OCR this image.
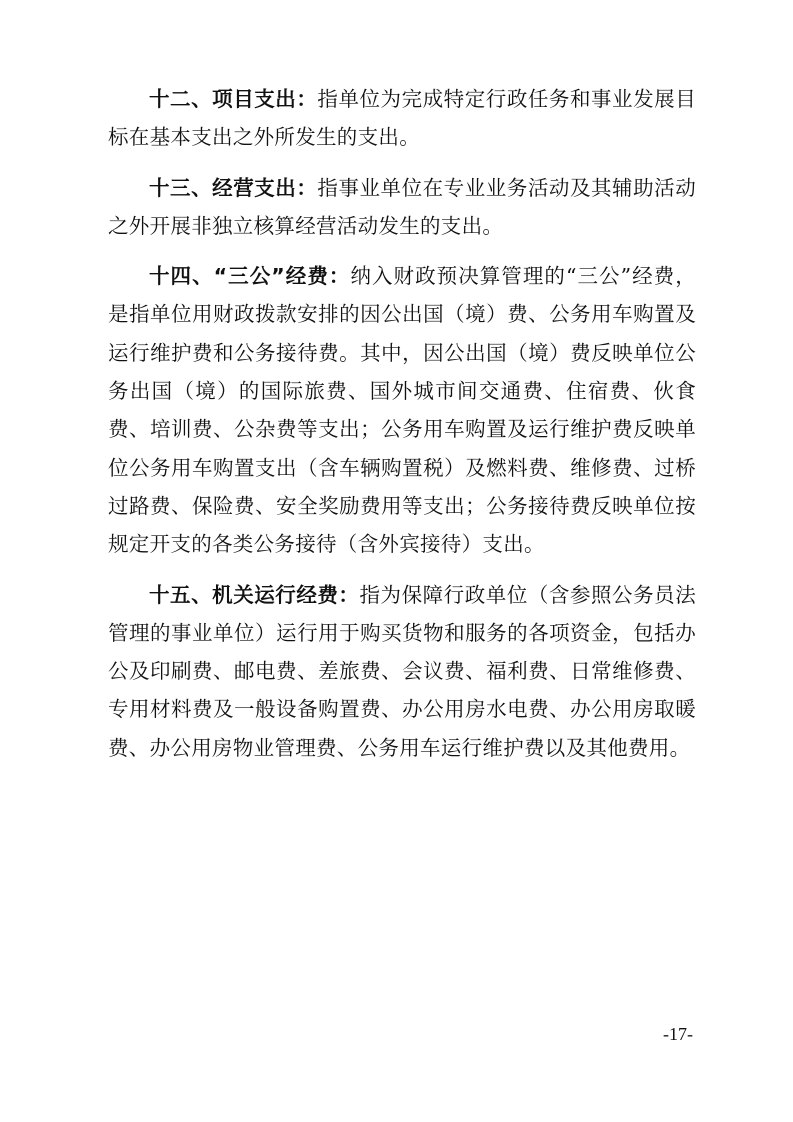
十二、项目支出：指单位为完成特定行政任务和事业发展目标在基本支出之外所发生的支出。

十三、经营支出：指事业单位在专业业务活动及其辅助活动之外开展非独立核算经营活动发生的支出。

十四、“三公”经费：纳入财政预决算管理的“三公”经费，是指单位用财政拨款安排的因公出国（境）费、公务用车购置及运行维护费和公务接待费。其中，因公出国（境）费反映单位公务出国（境）的国际旅费、国外城市间交通费、住宿费、伙食费、培训费、公杂费等支出；公务用车购置及运行维护费反映单位公务用车购置支出（含车辆购置税）及燃料费、维修费、过桥过路费、保险费、安全奖励费用等支出；公务接待费反映单位按规定开支的各类公务接待（含外宾接待）支出。

十五、机关运行经费：指为保障行政单位（含参照公务员法管理的事业单位）运行用于购买货物和服务的各项资金，包括办公及印刷费、邮电费、差旅费、会议费、福利费、日常维修费、专用材料费及一般设备购置费、办公用房水电费、办公用房取暖费、办公用房物业管理费、公务用车运行维护费以及其他费用。

-17-
